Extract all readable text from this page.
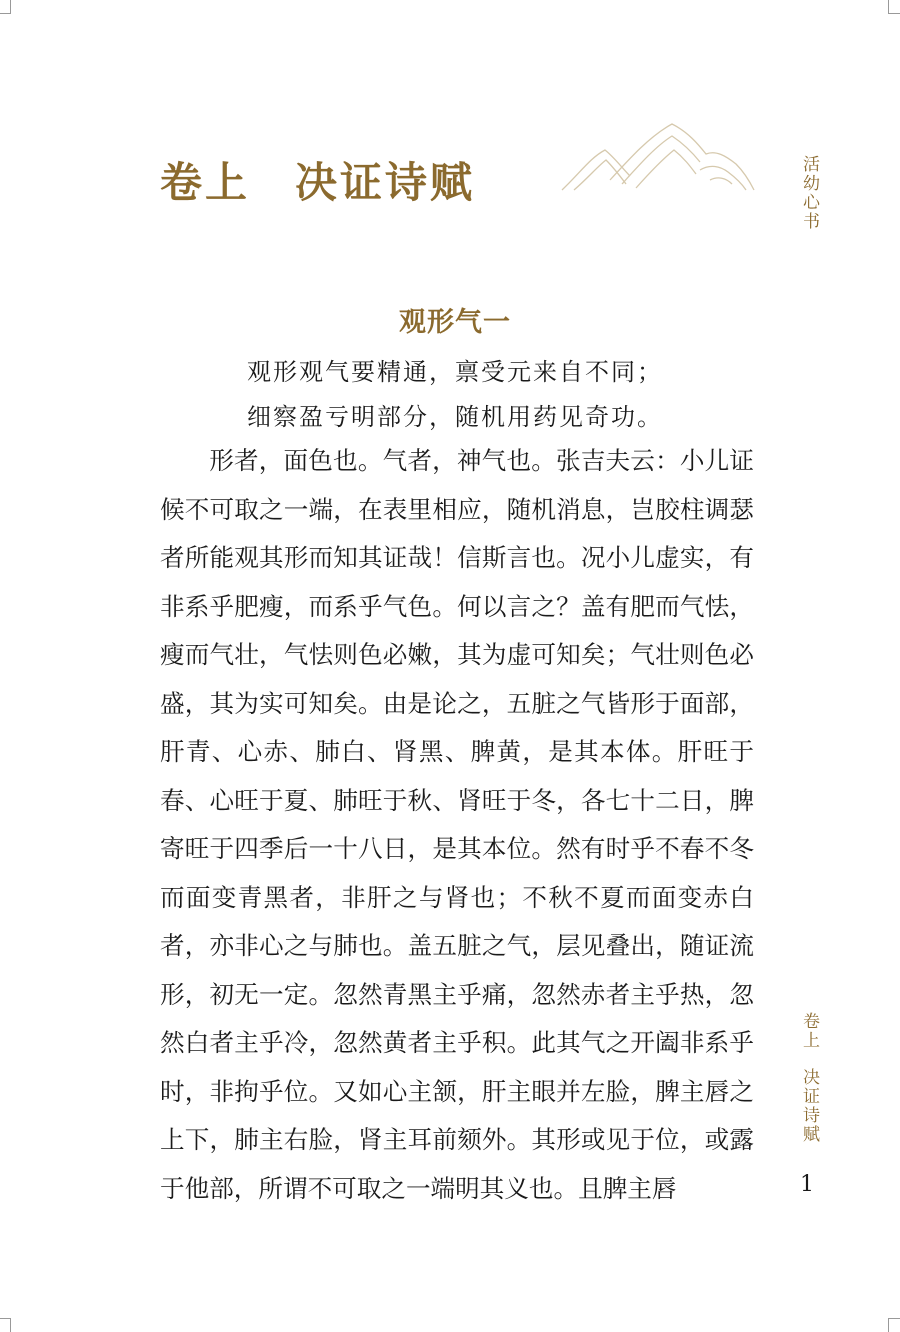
卷上　决证诗赋	活幼心书
卷上
决证诗赋
1
观形气一

观形观气要精通，禀受元来自不同；

细察盈亏明部分，随机用药见奇功。

形者，面色也。气者，神气也。张吉夫云：小儿证候不可取之一端，在表里相应，随机消息，岂胶柱调瑟者所能观其形而知其证哉！信斯言也。况小儿虚实，有非系乎肥瘦，而系乎气色。何以言之？盖有肥而气怯，瘦而气壮，气怯则色必嫩，其为虚可知矣；气壮则色必盛，其为实可知矣。由是论之，五脏之气皆形于面部，肝青、心赤、肺白、肾黑、脾黄，是其本体。肝旺于春、心旺于夏、肺旺于秋、肾旺于冬，各七十二日，脾寄旺于四季后一十八日，是其本位。然有时乎不春不冬而面变青黑者，非肝之与肾也；不秋不夏而面变赤白者，亦非心之与肺也。盖五脏之气，层见叠出，随证流形，初无一定。忽然青黑主乎痛，忽然赤者主乎热，忽然白者主乎冷，忽然黄者主乎积。此其气之开阖非系乎时，非拘乎位。又如心主颔，肝主眼并左脸，脾主唇之上下，肺主右脸，肾主耳前颏外。其形或见于位，或露于他部，所谓不可取之一端明其义也。且脾主唇
